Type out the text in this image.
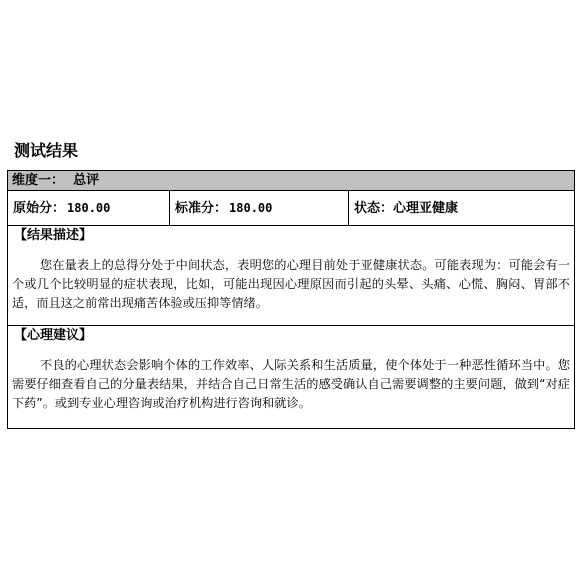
测试结果
维度一： 总评
原始分： 180.00	标准分： 180.00	状态：心理亚健康
【结果描述】
您在量表上的总得分处于中间状态，表明您的心理目前处于亚健康状态。可能表现为：可能会有一个或几个比较明显的症状表现，比如，可能出现因心理原因而引起的头晕、头痛、心慌、胸闷、胃部不适，而且这之前常出现痛苦体验或压抑等情绪。
【心理建议】
不良的心理状态会影响个体的工作效率、人际关系和生活质量，使个体处于一种恶性循环当中。您需要仔细查看自己的分量表结果，并结合自己日常生活的感受确认自己需要调整的主要问题，做到“对症下药”。或到专业心理咨询或治疗机构进行咨询和就诊。
